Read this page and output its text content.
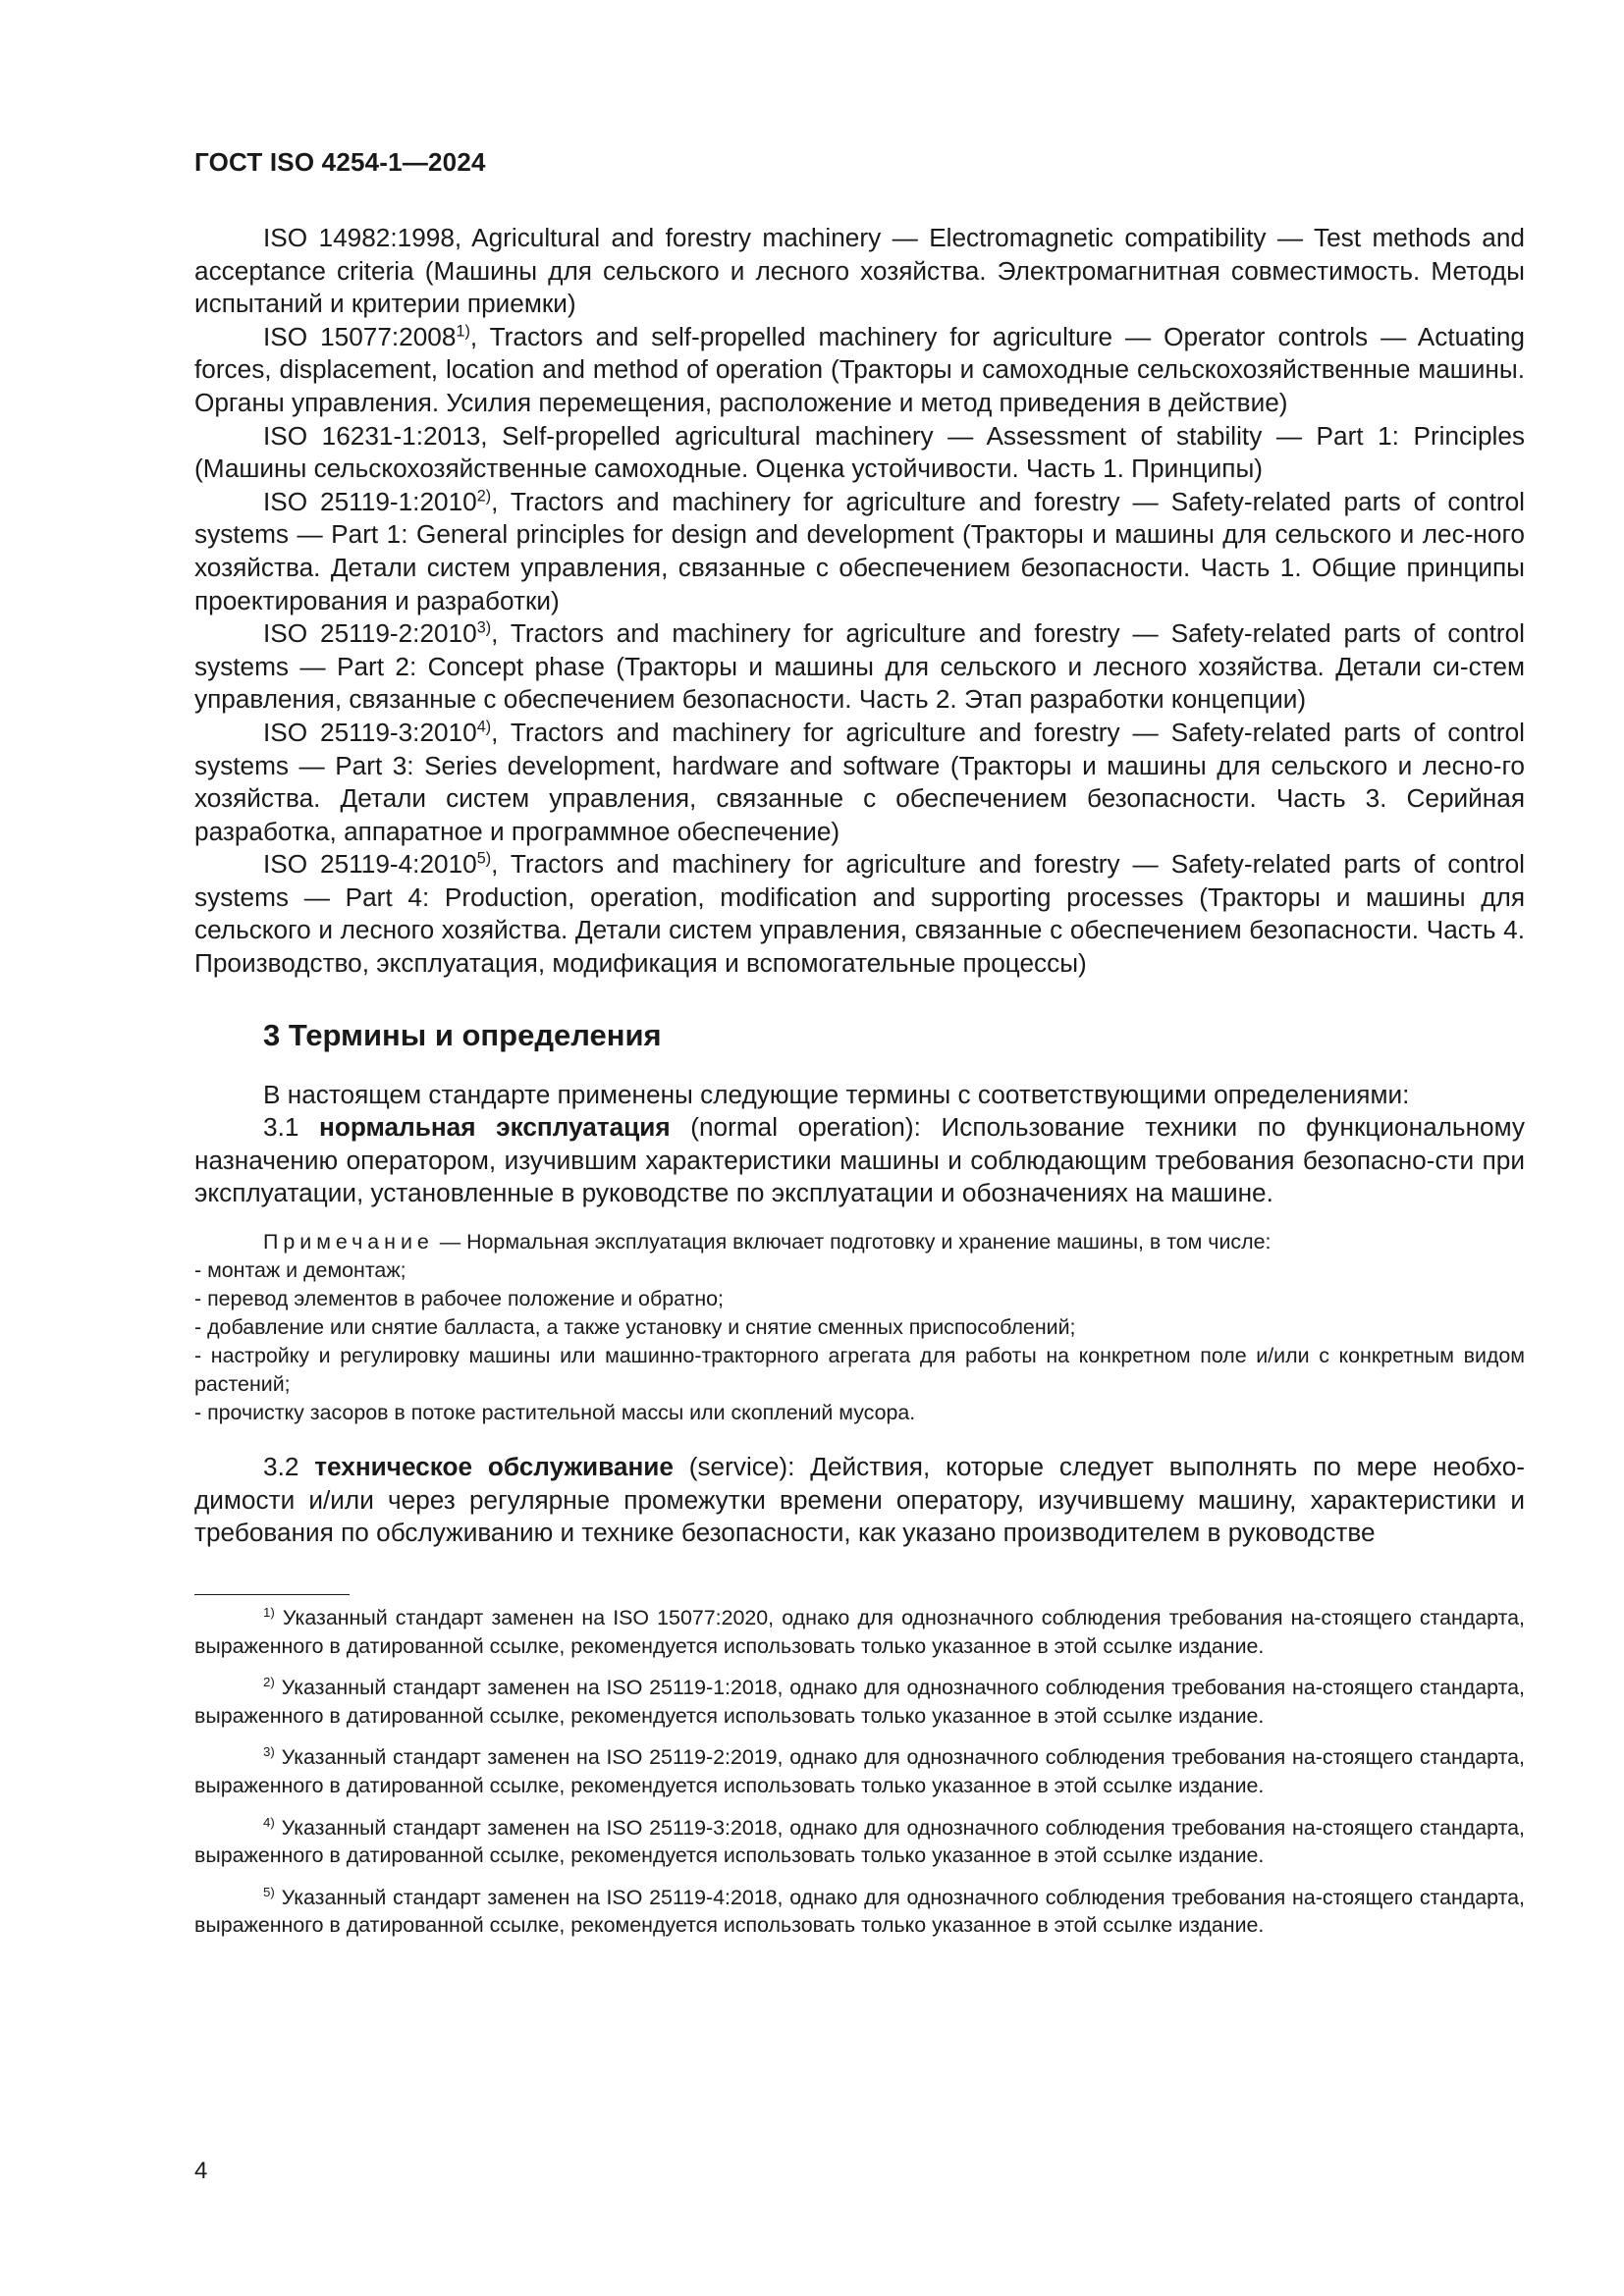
ГОСТ ISO 4254-1—2024

ISO 14982:1998, Agricultural and forestry machinery — Electromagnetic compatibility — Test methods and acceptance criteria (Машины для сельского и лесного хозяйства. Электромагнитная совместимость. Методы испытаний и критерии приемки)

ISO 15077:2008$^{1)}$, Tractors and self-propelled machinery for agriculture — Operator controls — Actuating forces, displacement, location and method of operation (Тракторы и самоходные сельскохозяйственные машины. Органы управления. Усилия перемещения, расположение и метод приведения в действие)

ISO 16231-1:2013, Self-propelled agricultural machinery — Assessment of stability — Part 1: Principles (Машины сельскохозяйственные самоходные. Оценка устойчивости. Часть 1. Принципы)

ISO 25119-1:2010$^{2)}$, Tractors and machinery for agriculture and forestry — Safety-related parts of control systems — Part 1: General principles for design and development (Тракторы и машины для сельского и лес-ного хозяйства. Детали систем управления, связанные с обеспечением безопасности. Часть 1. Общие принципы проектирования и разработки)

ISO 25119-2:2010$^{3)}$, Tractors and machinery for agriculture and forestry — Safety-related parts of control systems — Part 2: Concept phase (Тракторы и машины для сельского и лесного хозяйства. Детали си-стем управления, связанные с обеспечением безопасности. Часть 2. Этап разработки концепции)

ISO 25119-3:2010$^{4)}$, Tractors and machinery for agriculture and forestry — Safety-related parts of control systems — Part 3: Series development, hardware and software (Тракторы и машины для сельского и лесно-го хозяйства. Детали систем управления, связанные с обеспечением безопасности. Часть 3. Серийная разработка, аппаратное и программное обеспечение)

ISO 25119-4:2010$^{5)}$, Tractors and machinery for agriculture and forestry — Safety-related parts of control systems — Part 4: Production, operation, modification and supporting processes (Тракторы и машины для сельского и лесного хозяйства. Детали систем управления, связанные с обеспечением безопасности. Часть 4. Производство, эксплуатация, модификация и вспомогательные процессы)

3 Термины и определения

В настоящем стандарте применены следующие термины с соответствующими определениями:

3.1 нормальная эксплуатация (normal operation): Использование техники по функциональному назначению оператором, изучившим характеристики машины и соблюдающим требования безопасно-сти при эксплуатации, установленные в руководстве по эксплуатации и обозначениях на машине.

Примечание — Нормальная эксплуатация включает подготовку и хранение машины, в том числе:

- монтаж и демонтаж;

- перевод элементов в рабочее положение и обратно;

- добавление или снятие балласта, а также установку и снятие сменных приспособлений;

- настройку и регулировку машины или машинно-тракторного агрегата для работы на конкретном поле и/или с конкретным видом растений;

- прочистку засоров в потоке растительной массы или скоплений мусора.

3.2 техническое обслуживание (service): Действия, которые следует выполнять по мере необхо-димости и/или через регулярные промежутки времени оператору, изучившему машину, характеристики и требования по обслуживанию и технике безопасности, как указано производителем в руководстве

$^{1)}$ Указанный стандарт заменен на ISO 15077:2020, однако для однозначного соблюдения требования на-стоящего стандарта, выраженного в датированной ссылке, рекомендуется использовать только указанное в этой ссылке издание.

$^{2)}$ Указанный стандарт заменен на ISO 25119-1:2018, однако для однозначного соблюдения требования на-стоящего стандарта, выраженного в датированной ссылке, рекомендуется использовать только указанное в этой ссылке издание.

$^{3)}$ Указанный стандарт заменен на ISO 25119-2:2019, однако для однозначного соблюдения требования на-стоящего стандарта, выраженного в датированной ссылке, рекомендуется использовать только указанное в этой ссылке издание.

$^{4)}$ Указанный стандарт заменен на ISO 25119-3:2018, однако для однозначного соблюдения требования на-стоящего стандарта, выраженного в датированной ссылке, рекомендуется использовать только указанное в этой ссылке издание.

$^{5)}$ Указанный стандарт заменен на ISO 25119-4:2018, однако для однозначного соблюдения требования на-стоящего стандарта, выраженного в датированной ссылке, рекомендуется использовать только указанное в этой ссылке издание.

4
